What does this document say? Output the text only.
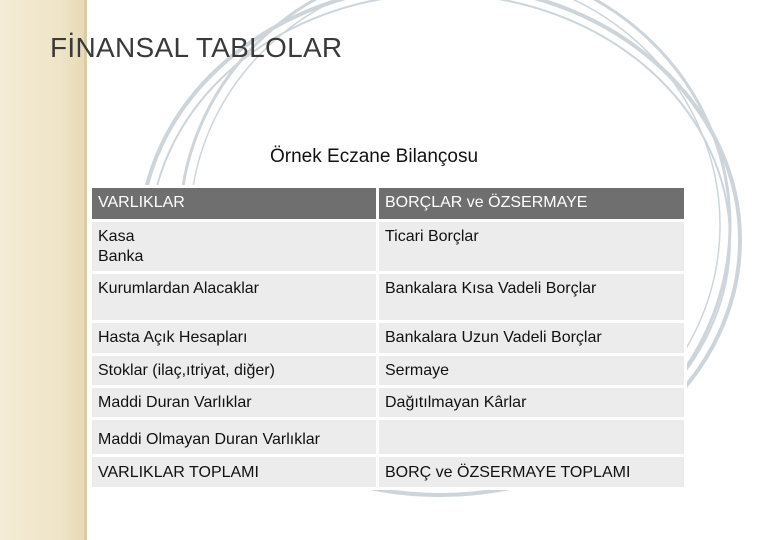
FİNANSAL TABLOLAR
Örnek Eczane Bilançosu
VARLIKLAR	BORÇLAR ve ÖZSERMAYE

Kasa
Banka	Ticari Borçlar

Kurumlardan Alacaklar	Bankalara Kısa Vadeli Borçlar

Hasta Açık Hesapları	Bankalara Uzun Vadeli Borçlar

Stoklar (ilaç,ıtriyat, diğer)	Sermaye

Maddi Duran Varlıklar	Dağıtılmayan Kârlar

Maddi Olmayan Duran Varlıklar	

VARLIKLAR TOPLAMI	BORÇ ve ÖZSERMAYE TOPLAMI
